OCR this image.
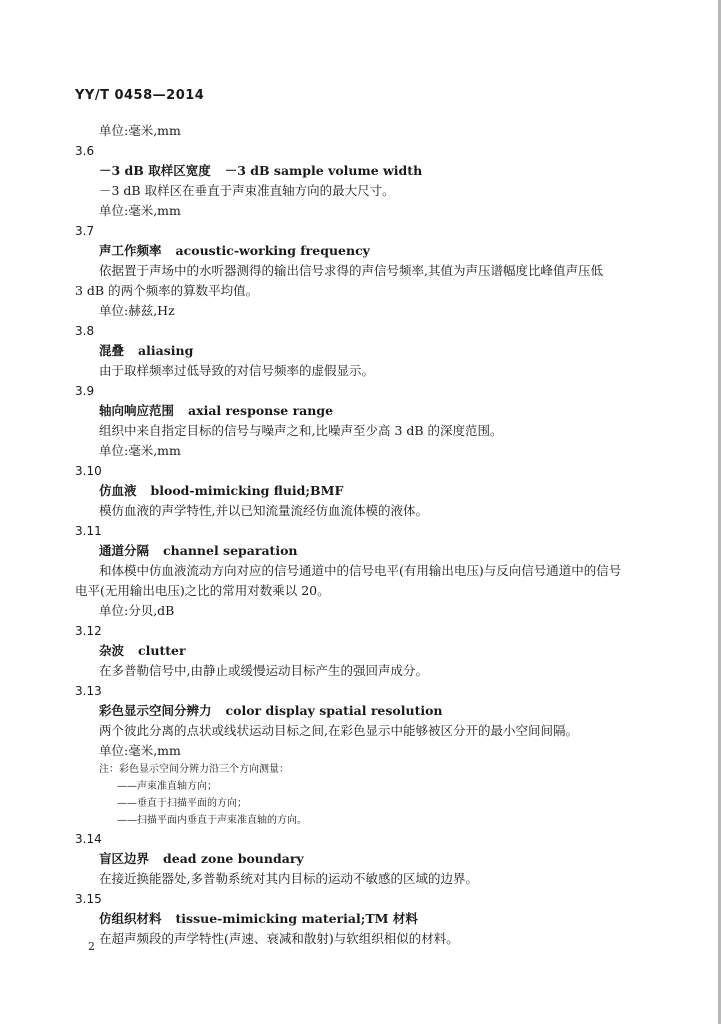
YY/T 0458—2014
单位:毫米,mm
3.6
－3 dB 取样区宽度 －3 dB sample volume width
－3 dB 取样区在垂直于声束准直轴方向的最大尺寸。
单位:毫米,mm
3.7
声工作频率 acoustic-working frequency
依据置于声场中的水听器测得的输出信号求得的声信号频率,其值为声压谱幅度比峰值声压低
3 dB 的两个频率的算数平均值。
单位:赫兹,Hz
3.8
混叠 aliasing
由于取样频率过低导致的对信号频率的虚假显示。
3.9
轴向响应范围 axial response range
组织中来自指定目标的信号与噪声之和,比噪声至少高 3 dB 的深度范围。
单位:毫米,mm
3.10
仿血液 blood-mimicking fluid;BMF
模仿血液的声学特性,并以已知流量流经仿血流体模的液体。
3.11
通道分隔 channel separation
和体模中仿血液流动方向对应的信号通道中的信号电平(有用输出电压)与反向信号通道中的信号
电平(无用输出电压)之比的常用对数乘以 20。
单位:分贝,dB
3.12
杂波 clutter
在多普勒信号中,由静止或缓慢运动目标产生的强回声成分。
3.13
彩色显示空间分辨力 color display spatial resolution
两个彼此分离的点状或线状运动目标之间,在彩色显示中能够被区分开的最小空间间隔。
单位:毫米,mm
注：彩色显示空间分辨力沿三个方向测量：
——声束准直轴方向；
——垂直于扫描平面的方向；
——扫描平面内垂直于声束准直轴的方向。
3.14
盲区边界 dead zone boundary
在接近换能器处,多普勒系统对其内目标的运动不敏感的区域的边界。
3.15
仿组织材料 tissue-mimicking material;TM 材料
在超声频段的声学特性(声速、衰减和散射)与软组织相似的材料。
2
